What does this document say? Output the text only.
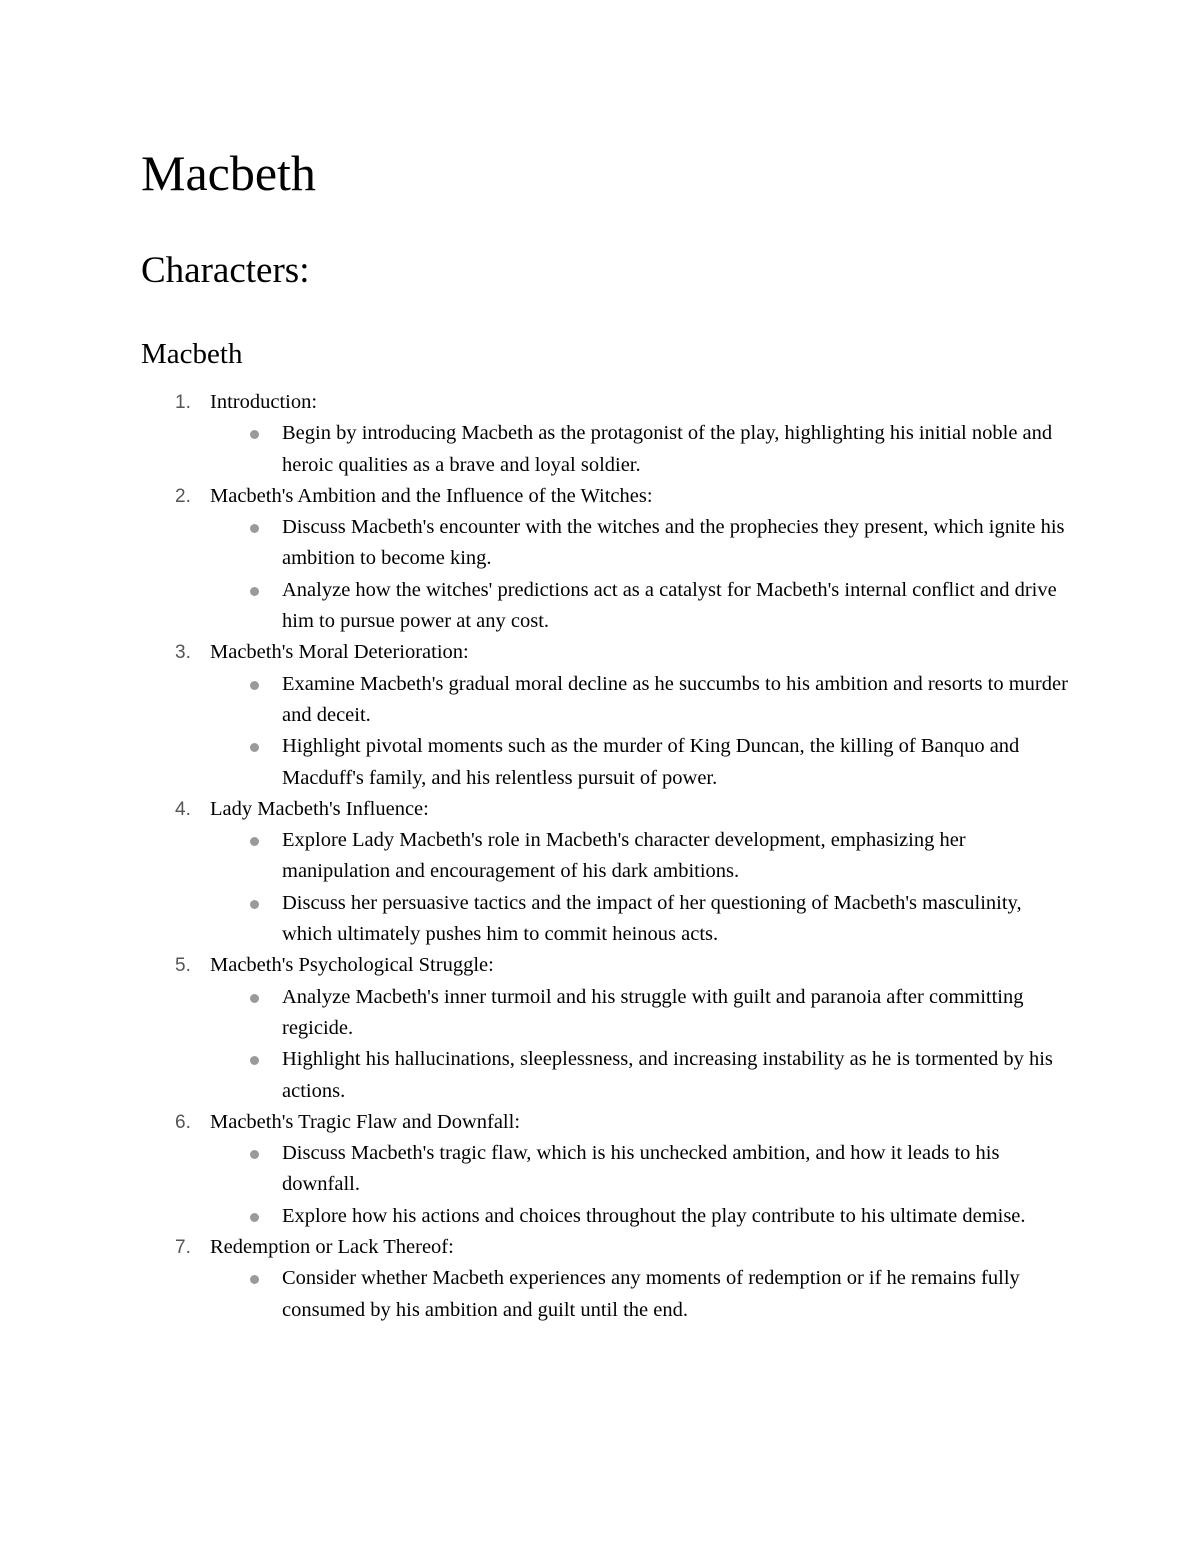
Macbeth
Characters:
Macbeth
1. Introduction:
Begin by introducing Macbeth as the protagonist of the play, highlighting his initial noble and heroic qualities as a brave and loyal soldier.
2. Macbeth's Ambition and the Influence of the Witches:
Discuss Macbeth's encounter with the witches and the prophecies they present, which ignite his ambition to become king.
Analyze how the witches' predictions act as a catalyst for Macbeth's internal conflict and drive him to pursue power at any cost.
3. Macbeth's Moral Deterioration:
Examine Macbeth's gradual moral decline as he succumbs to his ambition and resorts to murder and deceit.
Highlight pivotal moments such as the murder of King Duncan, the killing of Banquo and Macduff's family, and his relentless pursuit of power.
4. Lady Macbeth's Influence:
Explore Lady Macbeth's role in Macbeth's character development, emphasizing her manipulation and encouragement of his dark ambitions.
Discuss her persuasive tactics and the impact of her questioning of Macbeth's masculinity, which ultimately pushes him to commit heinous acts.
5. Macbeth's Psychological Struggle:
Analyze Macbeth's inner turmoil and his struggle with guilt and paranoia after committing regicide.
Highlight his hallucinations, sleeplessness, and increasing instability as he is tormented by his actions.
6. Macbeth's Tragic Flaw and Downfall:
Discuss Macbeth's tragic flaw, which is his unchecked ambition, and how it leads to his downfall.
Explore how his actions and choices throughout the play contribute to his ultimate demise.
7. Redemption or Lack Thereof:
Consider whether Macbeth experiences any moments of redemption or if he remains fully consumed by his ambition and guilt until the end.
